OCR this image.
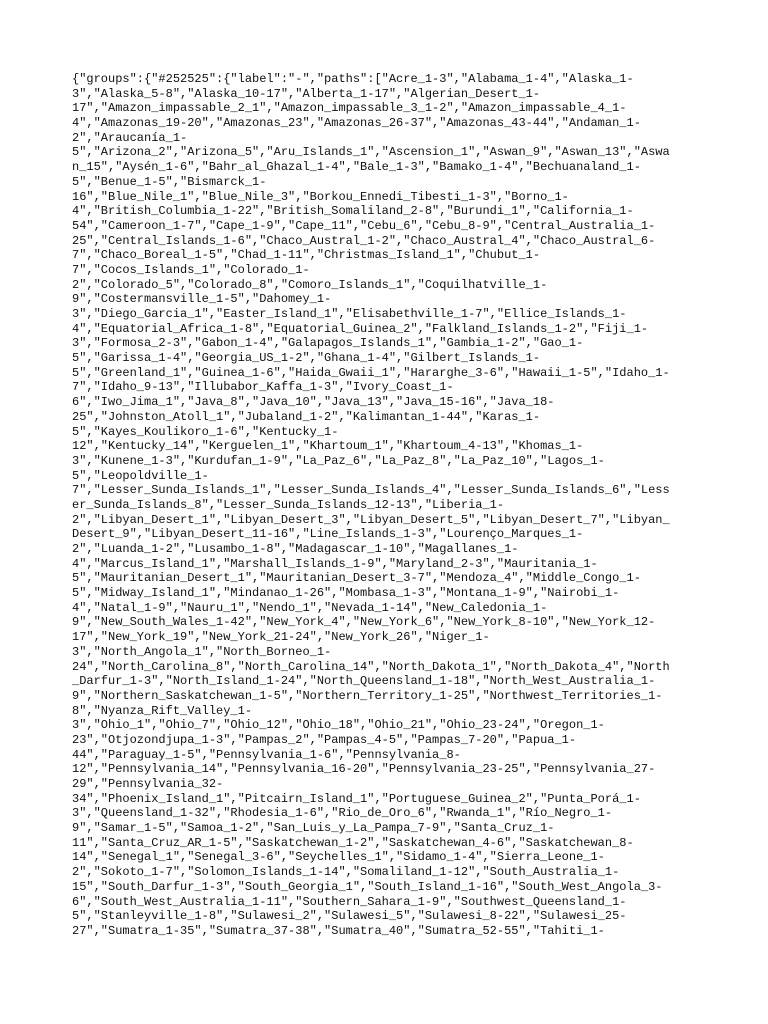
{"groups":{"#252525":{"label":"-","paths":["Acre_1-3","Alabama_1-4","Alaska_1-
3","Alaska_5-8","Alaska_10-17","Alberta_1-17","Algerian_Desert_1-
17","Amazon_impassable_2_1","Amazon_impassable_3_1-2","Amazon_impassable_4_1-
4","Amazonas_19-20","Amazonas_23","Amazonas_26-37","Amazonas_43-44","Andaman_1-
2","Araucanía_1-
5","Arizona_2","Arizona_5","Aru_Islands_1","Ascension_1","Aswan_9","Aswan_13","Aswa
n_15","Aysén_1-6","Bahr_al_Ghazal_1-4","Bale_1-3","Bamako_1-4","Bechuanaland_1-
5","Benue_1-5","Bismarck_1-
16","Blue_Nile_1","Blue_Nile_3","Borkou_Ennedi_Tibesti_1-3","Borno_1-
4","British_Columbia_1-22","British_Somaliland_2-8","Burundi_1","California_1-
54","Cameroon_1-7","Cape_1-9","Cape_11","Cebu_6","Cebu_8-9","Central_Australia_1-
25","Central_Islands_1-6","Chaco_Austral_1-2","Chaco_Austral_4","Chaco_Austral_6-
7","Chaco_Boreal_1-5","Chad_1-11","Christmas_Island_1","Chubut_1-
7","Cocos_Islands_1","Colorado_1-
2","Colorado_5","Colorado_8","Comoro_Islands_1","Coquilhatville_1-
9","Costermansville_1-5","Dahomey_1-
3","Diego_Garcia_1","Easter_Island_1","Elisabethville_1-7","Ellice_Islands_1-
4","Equatorial_Africa_1-8","Equatorial_Guinea_2","Falkland_Islands_1-2","Fiji_1-
3","Formosa_2-3","Gabon_1-4","Galapagos_Islands_1","Gambia_1-2","Gao_1-
5","Garissa_1-4","Georgia_US_1-2","Ghana_1-4","Gilbert_Islands_1-
5","Greenland_1","Guinea_1-6","Haida_Gwaii_1","Hararghe_3-6","Hawaii_1-5","Idaho_1-
7","Idaho_9-13","Illubabor_Kaffa_1-3","Ivory_Coast_1-
6","Iwo_Jima_1","Java_8","Java_10","Java_13","Java_15-16","Java_18-
25","Johnston_Atoll_1","Jubaland_1-2","Kalimantan_1-44","Karas_1-
5","Kayes_Koulikoro_1-6","Kentucky_1-
12","Kentucky_14","Kerguelen_1","Khartoum_1","Khartoum_4-13","Khomas_1-
3","Kunene_1-3","Kurdufan_1-9","La_Paz_6","La_Paz_8","La_Paz_10","Lagos_1-
5","Leopoldville_1-
7","Lesser_Sunda_Islands_1","Lesser_Sunda_Islands_4","Lesser_Sunda_Islands_6","Less
er_Sunda_Islands_8","Lesser_Sunda_Islands_12-13","Liberia_1-
2","Libyan_Desert_1","Libyan_Desert_3","Libyan_Desert_5","Libyan_Desert_7","Libyan_
Desert_9","Libyan_Desert_11-16","Line_Islands_1-3","Lourenço_Marques_1-
2","Luanda_1-2","Lusambo_1-8","Madagascar_1-10","Magallanes_1-
4","Marcus_Island_1","Marshall_Islands_1-9","Maryland_2-3","Mauritania_1-
5","Mauritanian_Desert_1","Mauritanian_Desert_3-7","Mendoza_4","Middle_Congo_1-
5","Midway_Island_1","Mindanao_1-26","Mombasa_1-3","Montana_1-9","Nairobi_1-
4","Natal_1-9","Nauru_1","Nendo_1","Nevada_1-14","New_Caledonia_1-
9","New_South_Wales_1-42","New_York_4","New_York_6","New_York_8-10","New_York_12-
17","New_York_19","New_York_21-24","New_York_26","Niger_1-
3","North_Angola_1","North_Borneo_1-
24","North_Carolina_8","North_Carolina_14","North_Dakota_1","North_Dakota_4","North
_Darfur_1-3","North_Island_1-24","North_Queensland_1-18","North_West_Australia_1-
9","Northern_Saskatchewan_1-5","Northern_Territory_1-25","Northwest_Territories_1-
8","Nyanza_Rift_Valley_1-
3","Ohio_1","Ohio_7","Ohio_12","Ohio_18","Ohio_21","Ohio_23-24","Oregon_1-
23","Otjozondjupa_1-3","Pampas_2","Pampas_4-5","Pampas_7-20","Papua_1-
44","Paraguay_1-5","Pennsylvania_1-6","Pennsylvania_8-
12","Pennsylvania_14","Pennsylvania_16-20","Pennsylvania_23-25","Pennsylvania_27-
29","Pennsylvania_32-
34","Phoenix_Island_1","Pitcairn_Island_1","Portuguese_Guinea_2","Punta_Porá_1-
3","Queensland_1-32","Rhodesia_1-6","Rio_de_Oro_6","Rwanda_1","Río_Negro_1-
9","Samar_1-5","Samoa_1-2","San_Luis_y_La_Pampa_7-9","Santa_Cruz_1-
11","Santa_Cruz_AR_1-5","Saskatchewan_1-2","Saskatchewan_4-6","Saskatchewan_8-
14","Senegal_1","Senegal_3-6","Seychelles_1","Sidamo_1-4","Sierra_Leone_1-
2","Sokoto_1-7","Solomon_Islands_1-14","Somaliland_1-12","South_Australia_1-
15","South_Darfur_1-3","South_Georgia_1","South_Island_1-16","South_West_Angola_3-
6","South_West_Australia_1-11","Southern_Sahara_1-9","Southwest_Queensland_1-
5","Stanleyville_1-8","Sulawesi_2","Sulawesi_5","Sulawesi_8-22","Sulawesi_25-
27","Sumatra_1-35","Sumatra_37-38","Sumatra_40","Sumatra_52-55","Tahiti_1-
